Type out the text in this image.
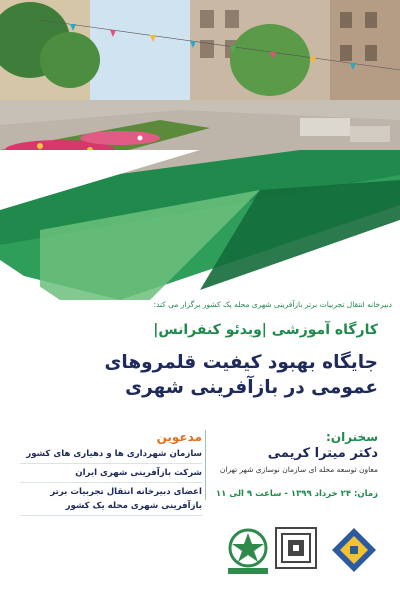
دبیرخانه انتقال تجربیات برتر بازآفرینی شهری محله یک کشور برگزار می کند:
کارگاه آموزشی |ویدئو کنفرانس|
جایگاه بهبود کیفیت قلمروهای عمومی در بازآفرینی شهری
سخنران:
دکتر میترا کریمی
معاون توسعه محله ای سازمان نوسازی شهر تهران
زمان: ۲۴ خرداد ۱۳۹۹ - ساعت ۹ الی ۱۱
مدعوین
سازمان شهرداری ها و دهیاری های کشور
شرکت بازآفرینی شهری ایران
اعضای دبیرخانه انتقال تجربیات برتر بازآفرینی شهری محله یک کشور
